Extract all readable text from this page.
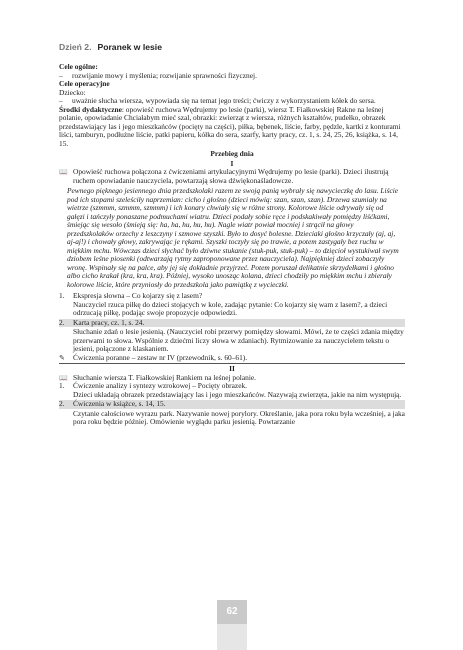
Dzień 2. Poranek w lesie

Cele ogólne:

–	rozwijanie mowy i myślenia; rozwijanie sprawności fizycznej.

Cele operacyjne

Dziecko:

–	uważnie słucha wiersza, wypowiada się na temat jego treści; ćwiczy z wykorzystaniem kółek do sersa.

Środki dydaktyczne: opowieść ruchowa Wędrujemy po lesie (parki), wiersz T. Fiałkowskiej Rakne na leśnej polanie, opowiadanie Chciałabym mieć szal, obrazki: zwierząt z wiersza, różnych kształtów, pudełko, obrazek przedstawiający las i jego mieszkańców (pocięty na części), piłka, bębenek, liście, farby, pędzle, kartki z konturami liści, tamburyn, podłużne liście, patki papieru, kółka do sera, szarfy, karty pracy, cz. 1, s. 24, 25, 26, książka, s. 14, 15.

Przebieg dnia

I

📖 Opowieść ruchowa połączona z ćwiczeniami artykulacyjnymi Wędrujemy po lesie (parki). Dzieci ilustrują ruchem opowiadanie nauczyciela, powtarzają słowa dźwiękonaśladowcze.

Pewnego pięknego jesiennego dnia przedszkolaki razem ze swoją panią wybrały się nawycieczkę do lasu. Liście pod ich stopami szeleściły naprzemian: cicho i głośno (dzieci mówią: szan, szan, szan). Drzewa szumiały na wietrze (szmmm, szmmm, szmmm) i ich konary chwiały się w różne strony. Kolorowe liście odrywały się od gałęzi i tańczyły ponaszane podmuchami wiatru. Dzieci podały sobie ręce i podskakiwały pomiędzy liśćkami, śmiejąc się wesoło (śmieją się: ha, ha, hu, hu, hu). Nagle wiatr powiał mocniej i strącił na głowy przedszkolaków orzechy z leszczyny i szmowe szyszki. Było to dosyć bolesne. Dzieciaki głośno krzyczały (aj, aj, aj-aj!) i chowały głowy, zakrywając je rękami. Szyszki toczyły się po trawie, a potem zastygały bez ruchu w miękkim mchu. Wówczas dzieci słychać było dziwne stukanie (stuk-puk, stuk-puk) – to dzięcioł wystukiwał swym dziobem leśne piosenki (odtwarzają rytmy zaproponowane przez nauczyciela). Najpiękniej dzieci zobaczyły wronę. Wspinały się na palce, aby jej się dokładnie przyjrzeć. Potem poruszał delikatnie skrzydełkami i głośno albo cicho krakał (kra, kra, kra). Później, wysoko unosząc kolana, dzieci chodziły po miękkim mchu i zbierały kolorowe liście, które przyniosły do przedszkola jako pamiątkę z wycieczki.

1.	Ekspresja słowna – Co kojarzy się z lasem?

Nauczyciel rzuca piłkę do dzieci stojących w kole, zadając pytanie: Co kojarzy się wam z lasem?, a dzieci odrzucają piłkę, podając swoje propozycje odpowiedzi.

2.	Karta pracy, cz. 1, s. 24.

Słuchanie zdań o lesie jesienią. (Nauczyciel robi przerwy pomiędzy słowami. Mówi, że te części zdania między przerwami to słowa. Wspólnie z dziećmi liczy słowa w zdaniach). Rytmizowanie za nauczycielem tekstu o jesieni, połączone z klaskaniem.

✎	Ćwiczenia poranne – zestaw nr IV (przewodnik, s. 60–61).

II

📖 Słuchanie wiersza T. Fiałkowskiej Rankiem na leśnej polanie.
1.	Ćwiczenie analizy i syntezy wzrokowej – Pocięty obrazek.

Dzieci układają obrazek przedstawiający las i jego mieszkańców. Nazywają zwierzęta, jakie na nim występują.

2.	Ćwiczenia w książce, s. 14, 15.

Czytanie całościowe wyrazu park. Nazywanie nowej porylory. Określanie, jaka pora roku była wcześniej, a jaka pora roku będzie później. Omówienie wyglądu parku jesienią. Powtarzanie

62
